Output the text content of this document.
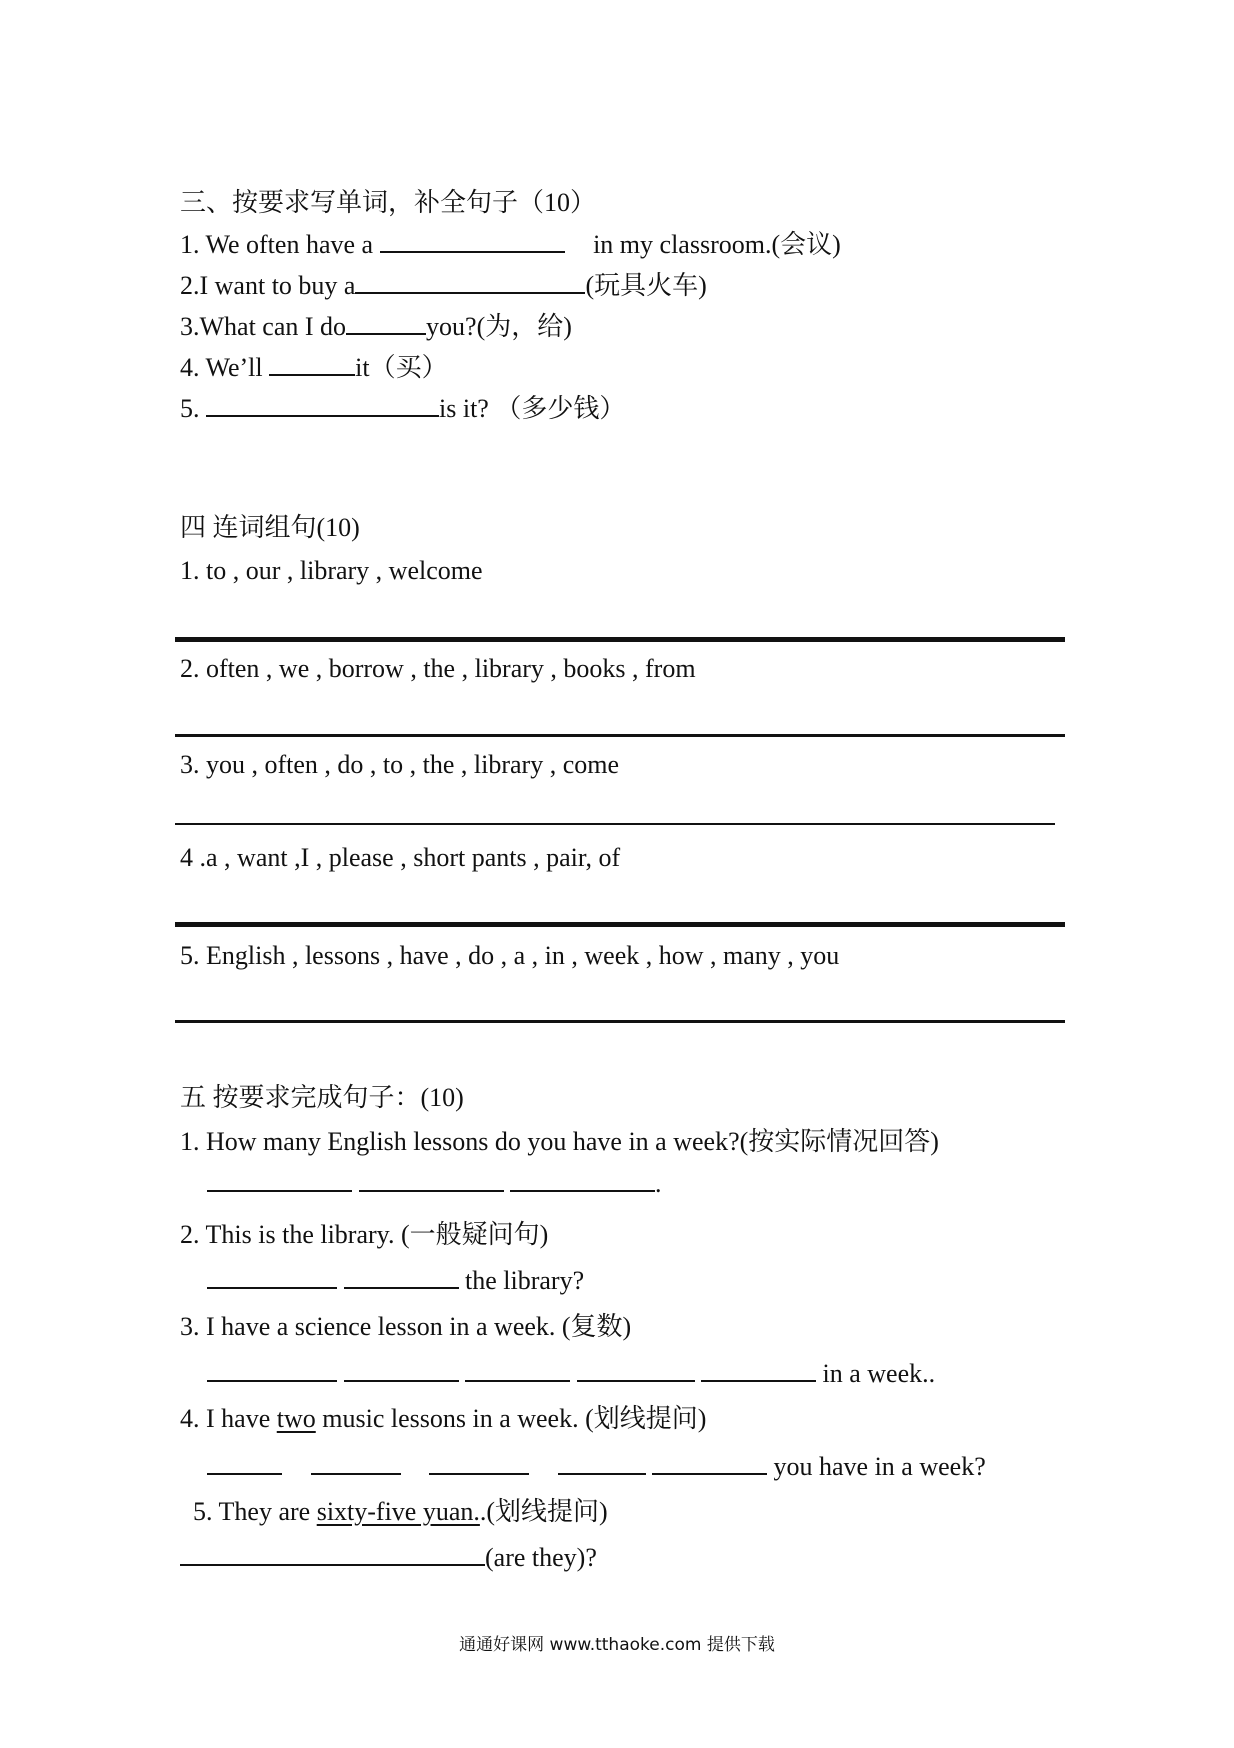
三、按要求写单词，补全句子（10）
1. We often have a	in my classroom.(会议)
2.I want to buy a	(玩具火车)
3.What can I do	you?(为，给)
4. We’ll	it（买）
5.	is it? （多少钱）
四 连词组句(10)
1. to , our , library , welcome
2. often , we , borrow , the , library , books , from
3. you , often , do , to , the , library , come
4 .a , want ,I , please , short pants , pair, of
5. English , lessons , have , do , a , in , week , how , many , you
五 按要求完成句子：(10)
1. How many English lessons do you have in a week?(按实际情况回答)
.
2. This is the library. (一般疑问句)
the library?
3. I have a science lesson in a week. (复数)
in a week..
4. I have two music lessons in a week. (划线提问)
you have in a week?
5. They are sixty-five yuan..(划线提问)
(are they)?
通通好课网 www.tthaoke.com 提供下载
